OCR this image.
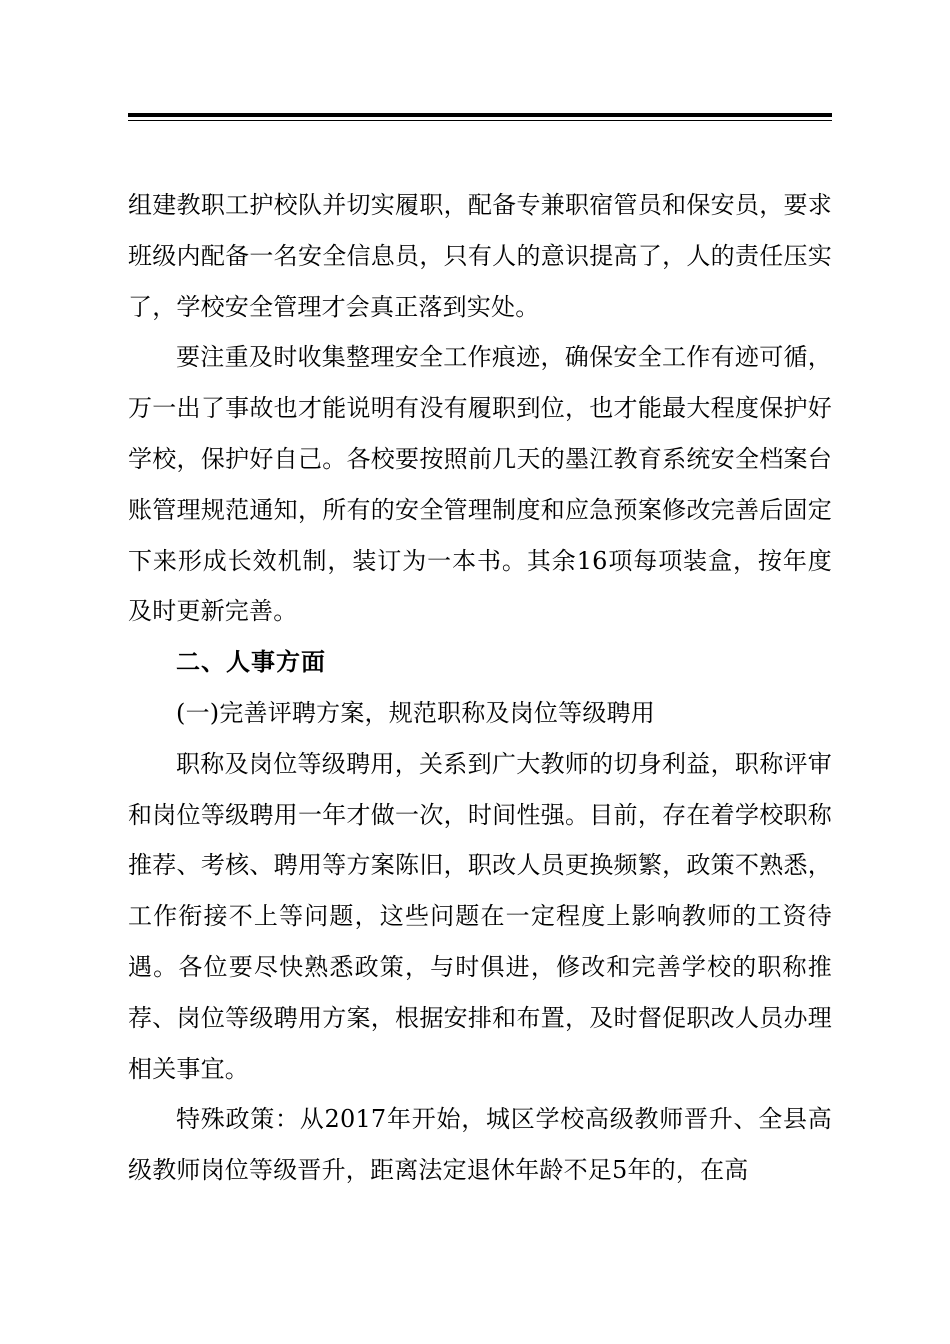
组建教职工护校队并切实履职，配备专兼职宿管员和保安员，要求班级内配备一名安全信息员，只有人的意识提高了，人的责任压实了，学校安全管理才会真正落到实处。

要注重及时收集整理安全工作痕迹，确保安全工作有迹可循，万一出了事故也才能说明有没有履职到位，也才能最大程度保护好学校，保护好自己。各校要按照前几天的墨江教育系统安全档案台账管理规范通知，所有的安全管理制度和应急预案修改完善后固定下来形成长效机制，装订为一本书。其余16项每项装盒，按年度及时更新完善。

二、人事方面

(一)完善评聘方案，规范职称及岗位等级聘用

职称及岗位等级聘用，关系到广大教师的切身利益，职称评审和岗位等级聘用一年才做一次，时间性强。目前，存在着学校职称推荐、考核、聘用等方案陈旧，职改人员更换频繁，政策不熟悉，工作衔接不上等问题，这些问题在一定程度上影响教师的工资待遇。各位要尽快熟悉政策，与时俱进，修改和完善学校的职称推荐、岗位等级聘用方案，根据安排和布置，及时督促职改人员办理相关事宜。

特殊政策：从2017年开始，城区学校高级教师晋升、全县高级教师岗位等级晋升，距离法定退休年龄不足5年的，在高
